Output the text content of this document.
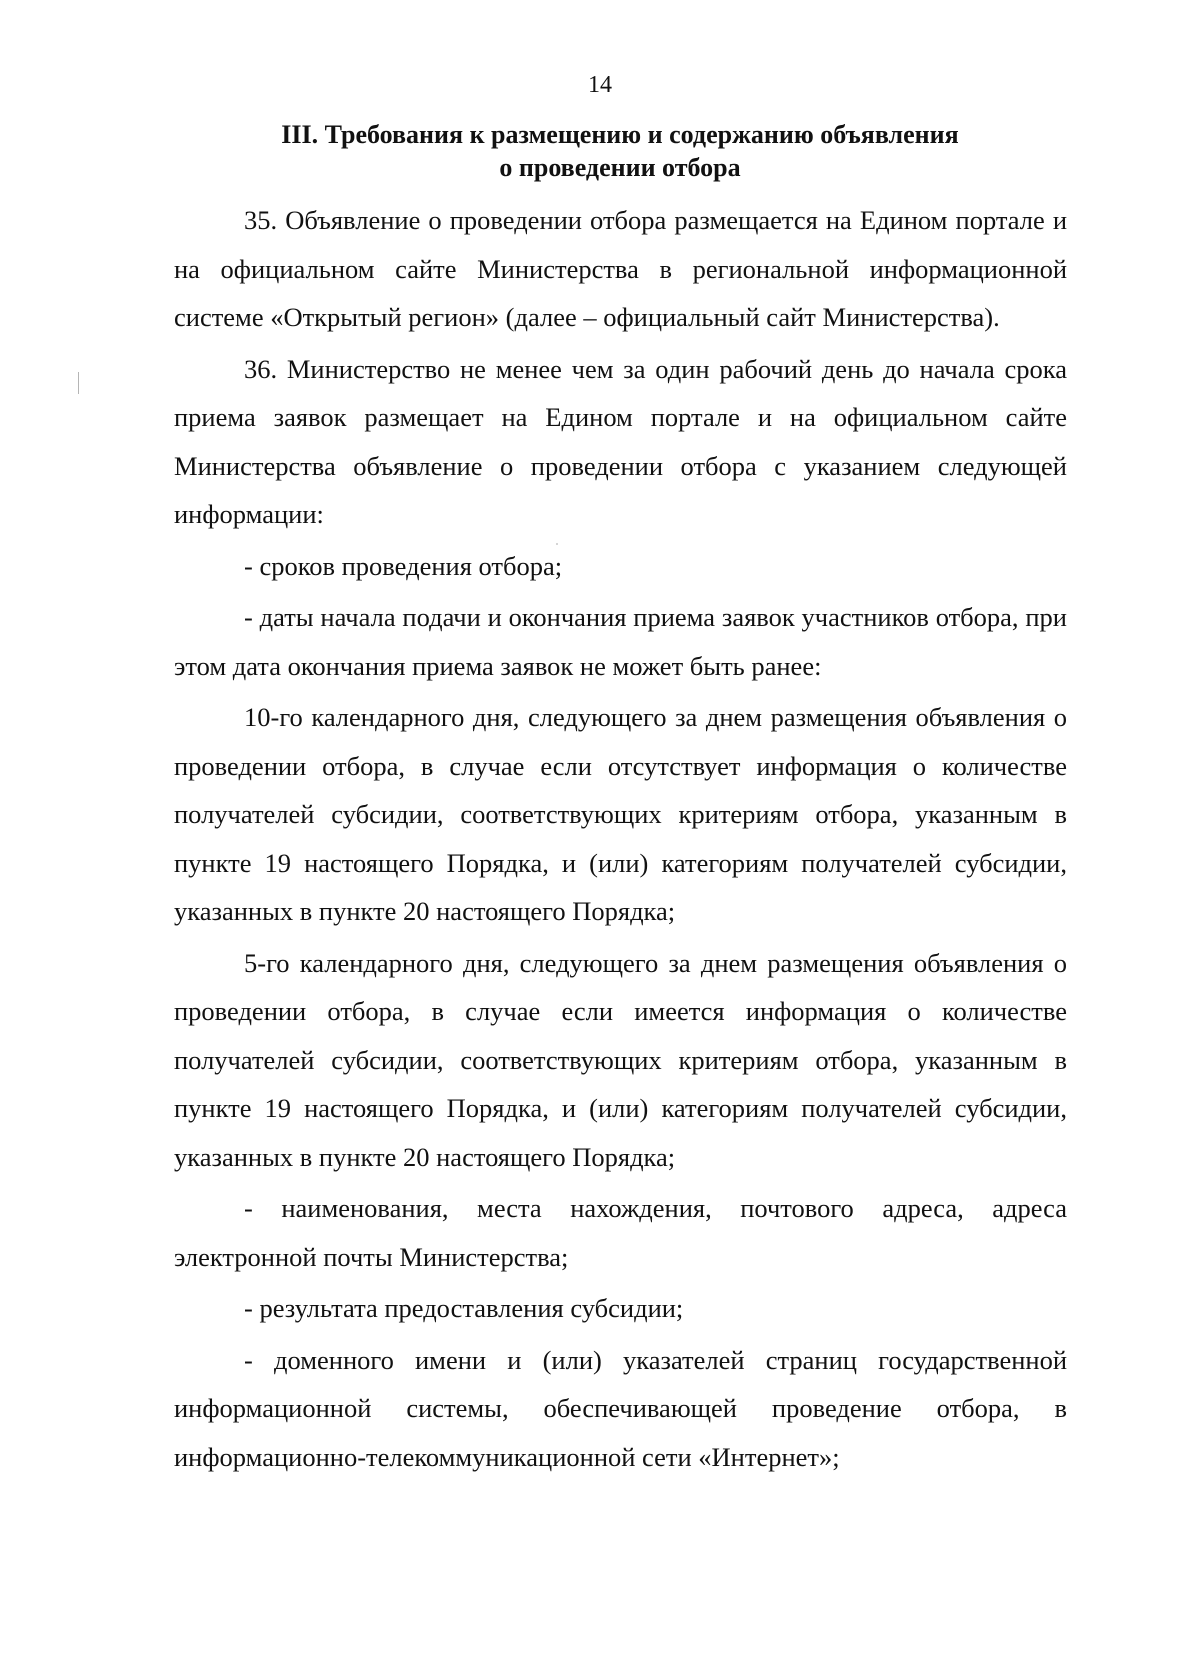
14
III. Требования к размещению и содержанию объявления
о проведении отбора

35. Объявление о проведении отбора размещается на Едином портале и на официальном сайте Министерства в региональной информационной системе «Открытый регион» (далее – официальный сайт Министерства).

36. Министерство не менее чем за один рабочий день до начала срока приема заявок размещает на Едином портале и на официальном сайте Министерства объявление о проведении отбора с указанием следующей информации:

- сроков проведения отбора;

- даты начала подачи и окончания приема заявок участников отбора, при этом дата окончания приема заявок не может быть ранее:

10-го календарного дня, следующего за днем размещения объявления о проведении отбора, в случае если отсутствует информация о количестве получателей субсидии, соответствующих критериям отбора, указанным в пункте 19 настоящего Порядка, и (или) категориям получателей субсидии, указанных в пункте 20 настоящего Порядка;

5-го календарного дня, следующего за днем размещения объявления о проведении отбора, в случае если имеется информация о количестве получателей субсидии, соответствующих критериям отбора, указанным в пункте 19 настоящего Порядка, и (или) категориям получателей субсидии, указанных в пункте 20 настоящего Порядка;

- наименования, места нахождения, почтового адреса, адреса электронной почты Министерства;

- результата предоставления субсидии;

- доменного имени и (или) указателей страниц государственной информационной системы, обеспечивающей проведение отбора, в информационно-телекоммуникационной сети «Интернет»;
